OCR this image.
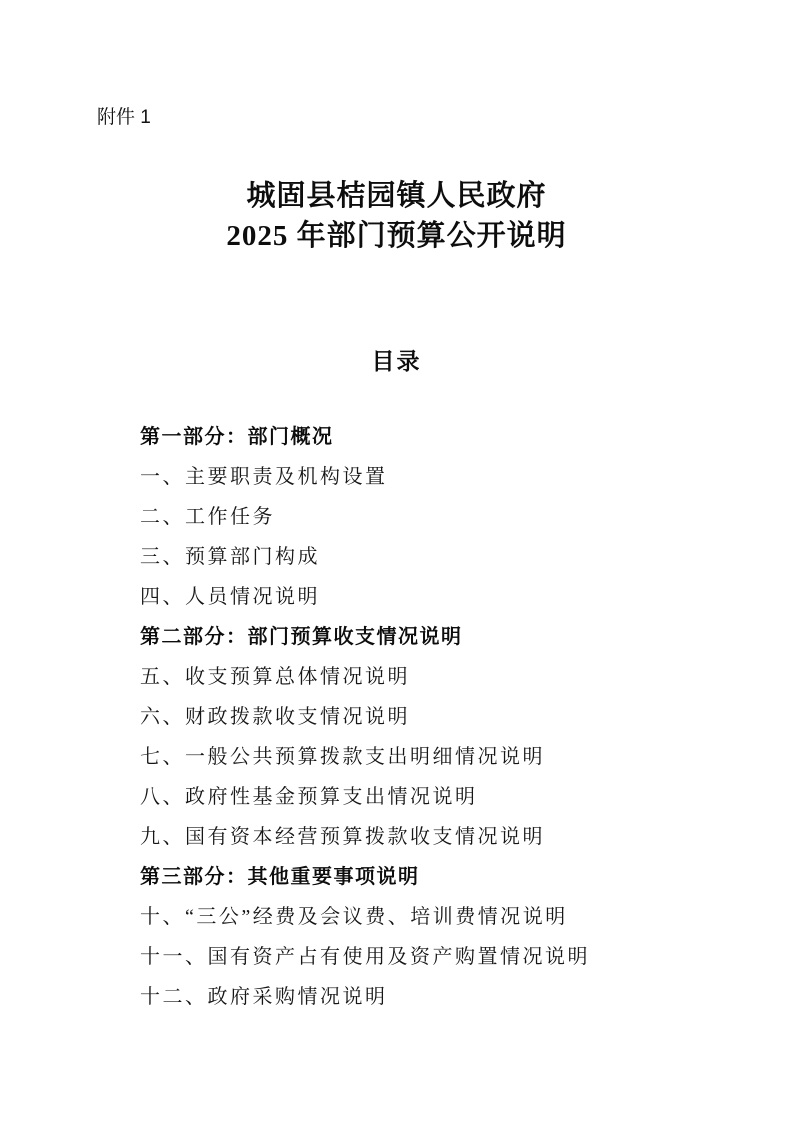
附件 1
城固县桔园镇人民政府
2025 年部门预算公开说明
目录
第一部分：部门概况
一、主要职责及机构设置
二、工作任务
三、预算部门构成
四、人员情况说明
第二部分：部门预算收支情况说明
五、收支预算总体情况说明
六、财政拨款收支情况说明
七、一般公共预算拨款支出明细情况说明
八、政府性基金预算支出情况说明
九、国有资本经营预算拨款收支情况说明
第三部分：其他重要事项说明
十、“三公”经费及会议费、培训费情况说明
十一、国有资产占有使用及资产购置情况说明
十二、政府采购情况说明
